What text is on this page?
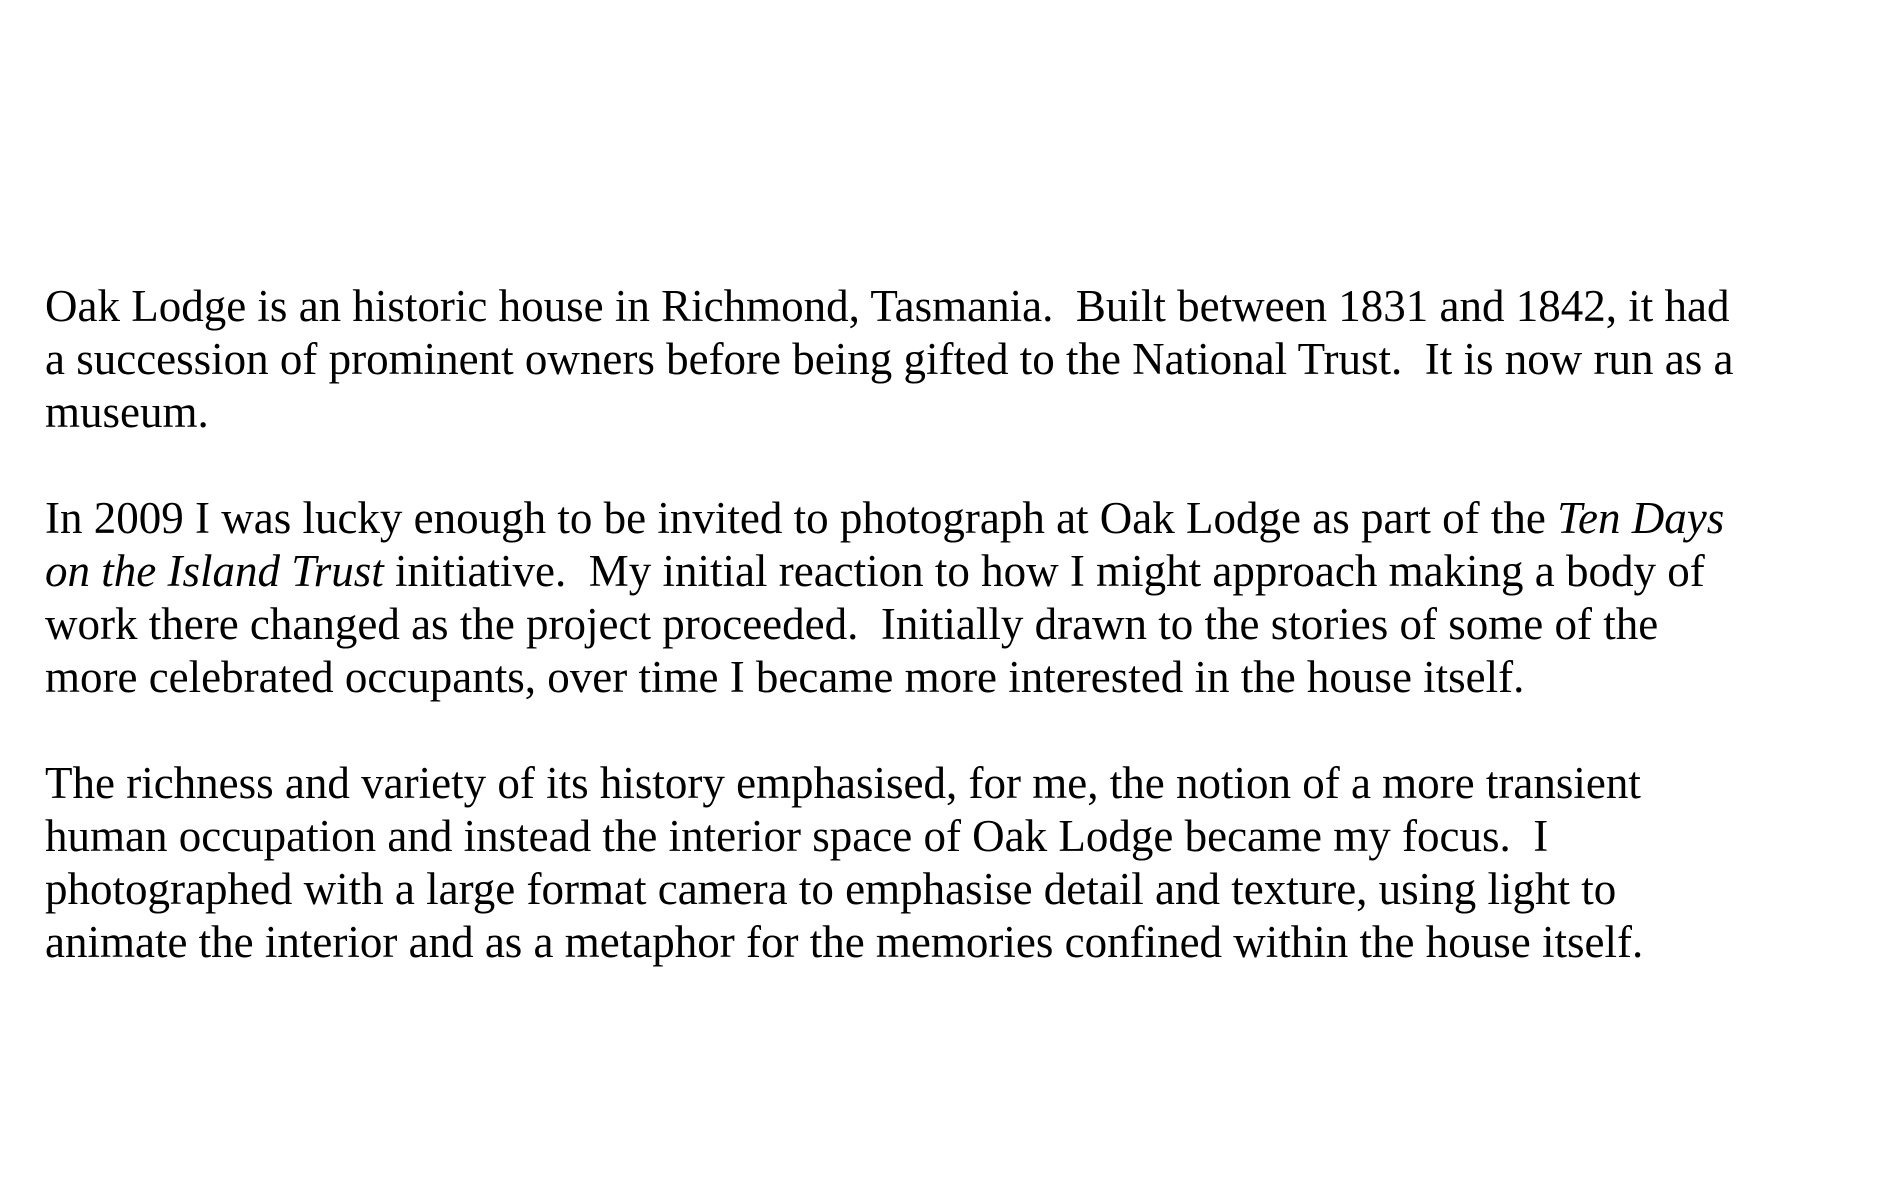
Oak Lodge is an historic house in Richmond, Tasmania.  Built between 1831 and 1842, it had
a succession of prominent owners before being gifted to the National Trust.  It is now run as a
museum.
In 2009 I was lucky enough to be invited to photograph at Oak Lodge as part of the Ten Days
on the Island Trust initiative.  My initial reaction to how I might approach making a body of
work there changed as the project proceeded.  Initially drawn to the stories of some of the
more celebrated occupants, over time I became more interested in the house itself.
The richness and variety of its history emphasised, for me, the notion of a more transient
human occupation and instead the interior space of Oak Lodge became my focus.  I
photographed with a large format camera to emphasise detail and texture, using light to
animate the interior and as a metaphor for the memories confined within the house itself.
